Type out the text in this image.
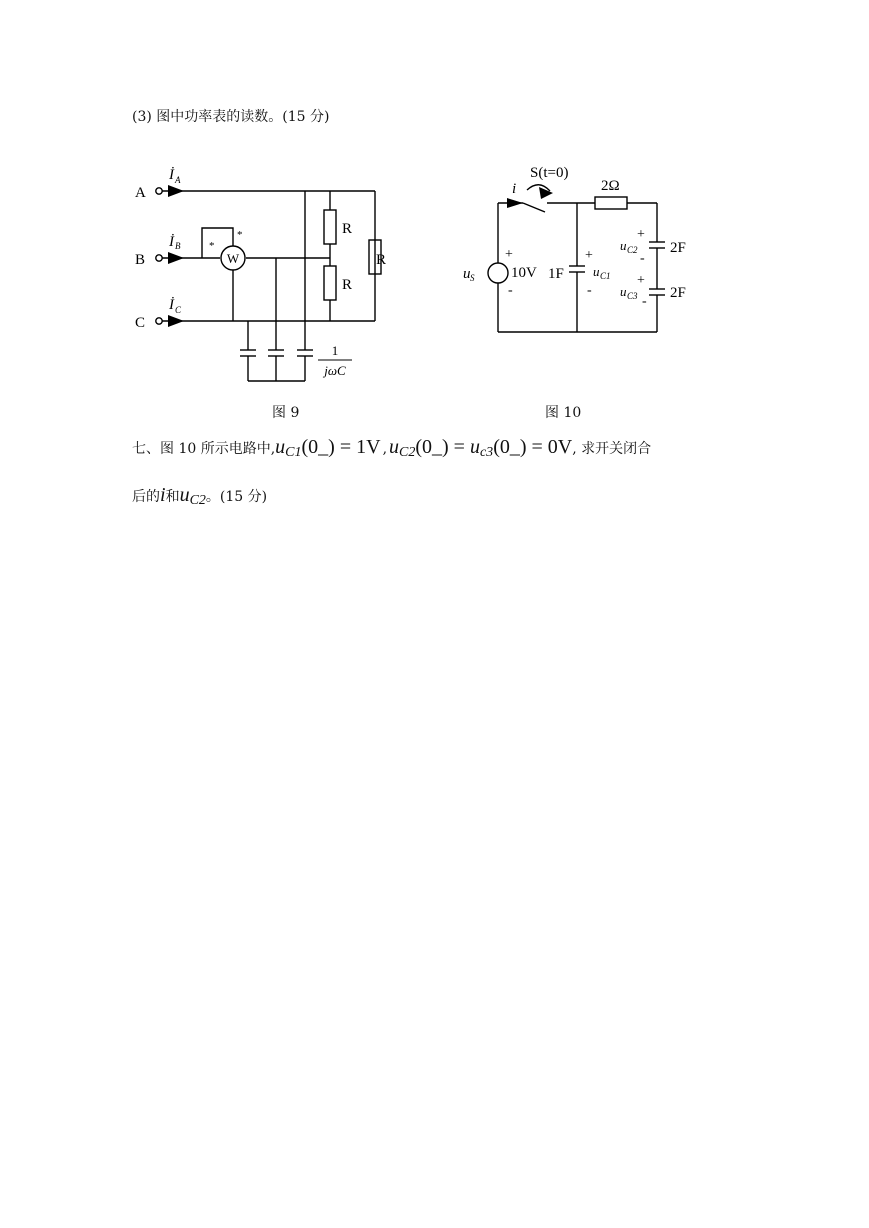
(3) 图中功率表的读数。(15 分)
A
B
C
İ A
İ B
İ C
R
R
R
W
*
*
1
jωC
S(t=0)
i	2Ω
u S
+
10V
-
1F
+
u C1
-
+
u C2
-
2F
+
u C3 -
2F
图 9	图 10
七、图 10 所示电路中, $u_{C1}(0\_) = 1V$ , $u_{C2}(0\_)$ = $u_{c3}(0\_) = 0V$ , 求开关闭合
后的 i 和 $u_{C2}$ 。(15 分)
